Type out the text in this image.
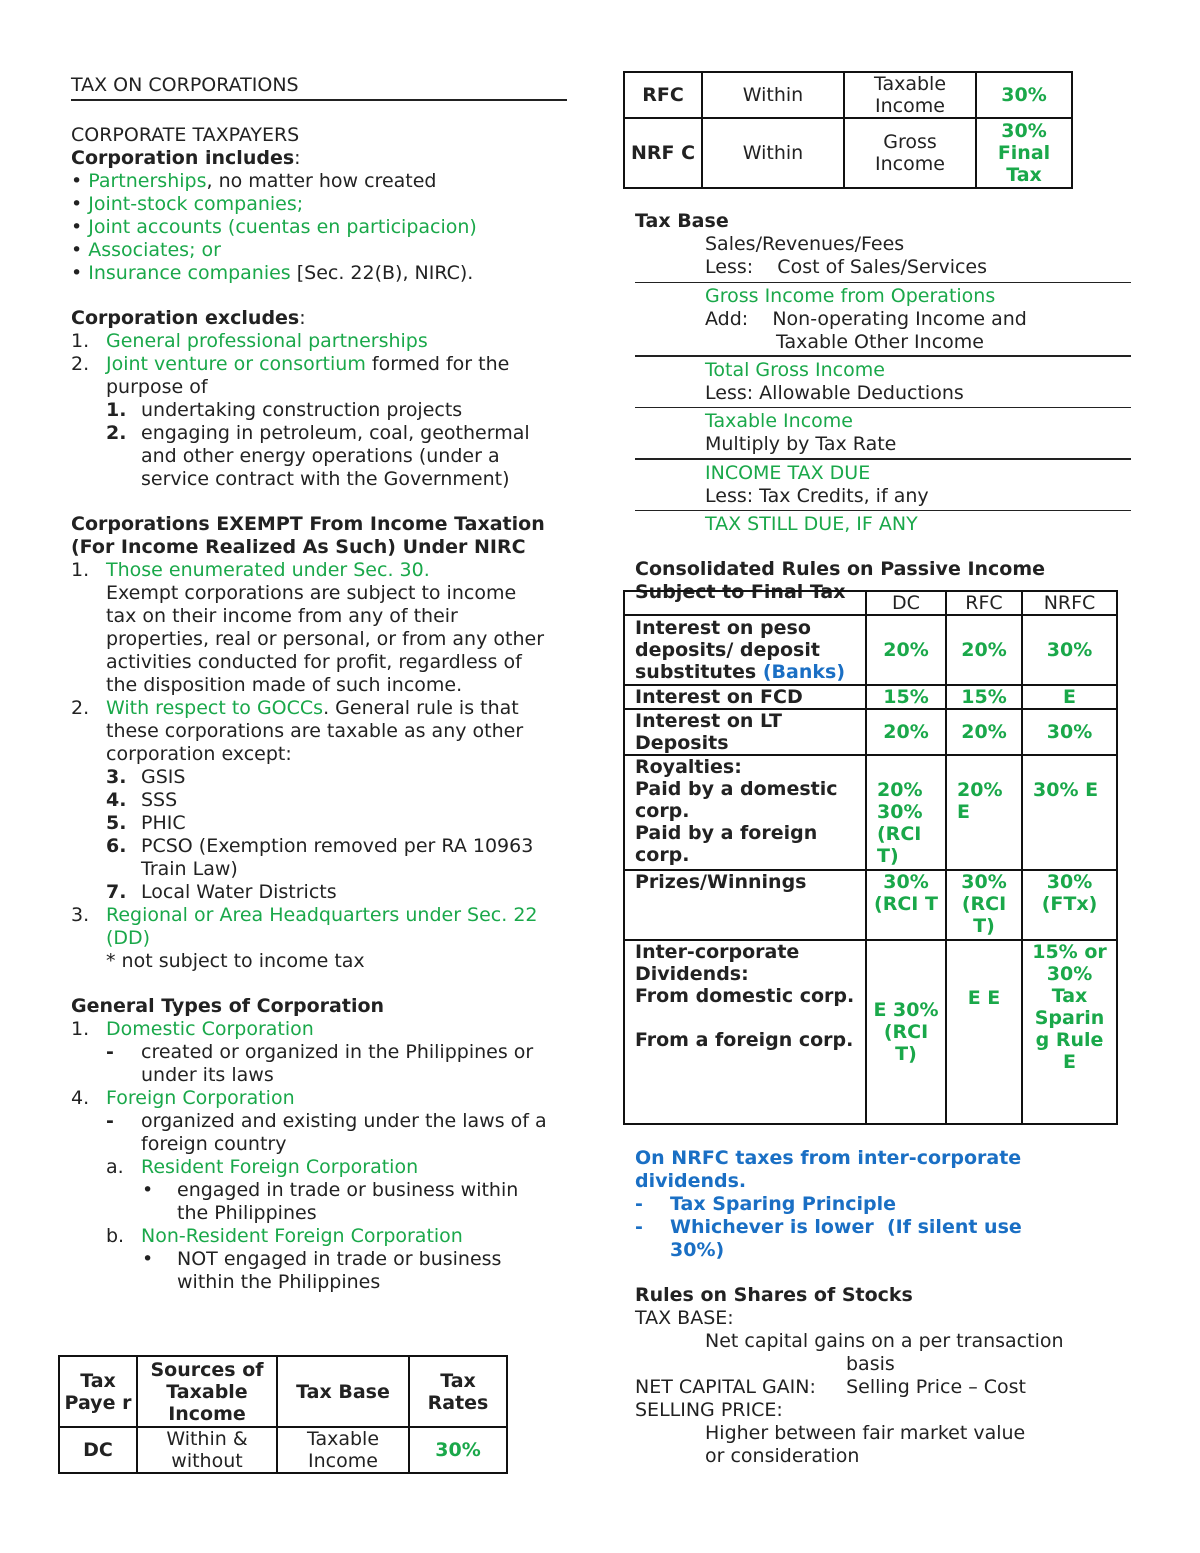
TAX ON CORPORATIONS
CORPORATE TAXPAYERS
Corporation includes:
• Partnerships, no matter how created
• Joint-stock companies;
• Joint accounts (cuentas en participacion)
• Associates; or
• Insurance companies [Sec. 22(B), NIRC).
Corporation excludes:
1. General professional partnerships
2. Joint venture or consortium formed for the
purpose of
1. undertaking construction projects
2. engaging in petroleum, coal, geothermal
and other energy operations (under a
service contract with the Government)
Corporations EXEMPT From Income Taxation
(For Income Realized As Such) Under NIRC
1. Those enumerated under Sec. 30.
Exempt corporations are subject to income
tax on their income from any of their
properties, real or personal, or from any other
activities conducted for profit, regardless of
the disposition made of such income.
2. With respect to GOCCs. General rule is that
these corporations are taxable as any other
corporation except:
3. GSIS
4. SSS
5. PHIC
6. PCSO (Exemption removed per RA 10963
Train Law)
7. Local Water Districts
3. Regional or Area Headquarters under Sec. 22
(DD)
* not subject to income tax
General Types of Corporation
1. Domestic Corporation
- created or organized in the Philippines or
under its laws
4. Foreign Corporation
- organized and existing under the laws of a
foreign country
a. Resident Foreign Corporation
• engaged in trade or business within
the Philippines
b. Non-Resident Foreign Corporation
• NOT engaged in trade or business
within the Philippines
Tax Paye r	Sources of Taxable Income	Tax Base	Tax Rates
DC	Within & without	Taxable Income	30%
RFC	Within	Taxable Income	30%
NRF C	Within	Gross Income	30% Final Tax
Tax Base
Sales/Revenues/Fees
Less:    Cost of Sales/Services
Gross Income from Operations
Add:    Non-operating Income and
Taxable Other Income
Total Gross Income
Less: Allowable Deductions
Taxable Income
Multiply by Tax Rate
INCOME TAX DUE
Less: Tax Credits, if any
TAX STILL DUE, IF ANY
Consolidated Rules on Passive Income
Subject to Final Tax
		DC	RFC	NRFC
Interest on peso deposits/ deposit substitutes (Banks)	20%	20%	30%
Interest on FCD	15%	15%	E
Interest on LT Deposits	20%	20%	30%

Royalties:
Paid by a domestic corp.
Paid by a foreign corp.	20% 30% (RCI T)	20% E	30% E
Prizes/Winnings	30% (RCI T	30% (RCI T)	30% (FTx)

Inter-corporate Dividends:
From domestic corp.
From a foreign corp.	E 30% (RCI T)	E E	15% or 30% Tax Sparin g Rule E
On NRFC taxes from inter-corporate
dividends.
- Tax Sparing Principle
- Whichever is lower  (If silent use
30%)
Rules on Shares of Stocks
TAX BASE:
Net capital gains on a per transaction
basis
NET CAPITAL GAIN:     Selling Price – Cost
SELLING PRICE:
Higher between fair market value
or consideration
